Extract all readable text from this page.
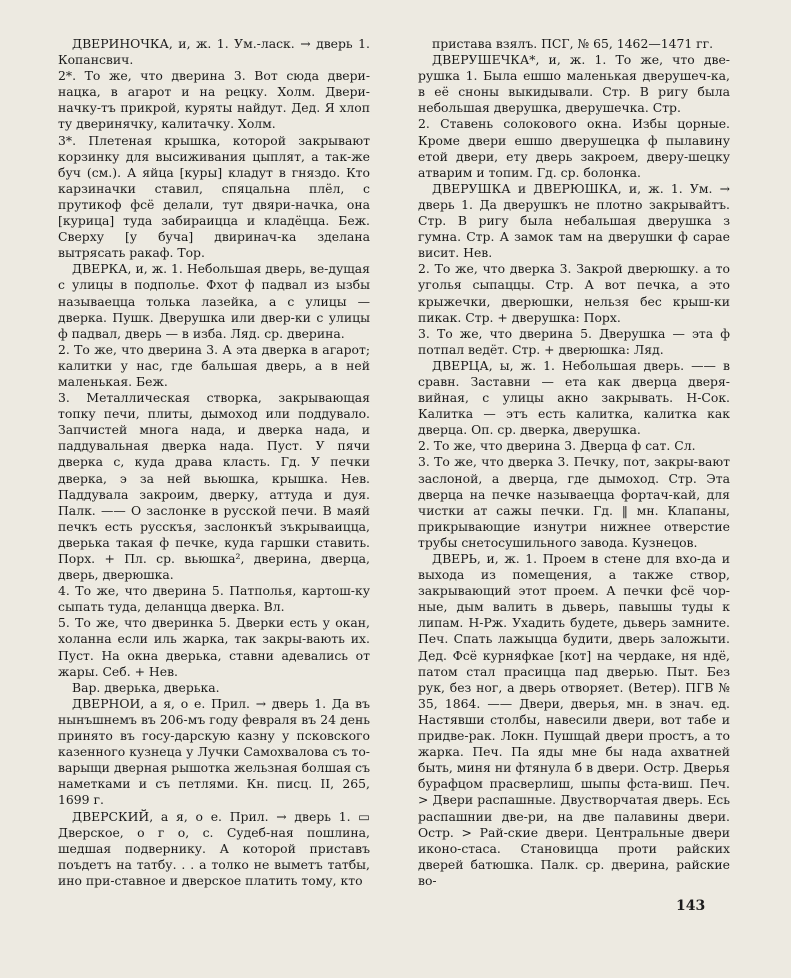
ДВЕРИНОЧКА, и, ж. 1. Ум.-ласк. → дверь 1. Копансвич.

2*. То же, что дверина 3. Вот сюда двери-нацка, в агарот и на рецку. Холм. Двери-начку-тъ прикрой, куряты найдут. Дед. Я хлоп ту дверинячку, калитачку. Холм.

3*. Плетеная крышка, которой закрывают корзинку для высиживания цыплят, а так-же буч (см.). А яйца [куры] кладут в гняздо. Кто карзиначки ставил, спяцальна плёл, с прутикоф фсё делали, тут двяри-начка, она [курица] туда забираицца и кладёцца. Беж. Сверху [у буча] двиринач-ка зделана вытрясать ракаф. Тор.

ДВЕРКА, и, ж. 1. Небольшая дверь, ве-дущая с улицы в подполье. Фхот ф падвал из ызбы называецца толька лазейка, а с улицы — дверка. Пушк. Дверушка или двер-ки с улицы ф падвал, дверь — в изба. Ляд. ср. дверина.

2. То же, что дверина 3. А эта дверка в агарот; калитки у нас, где бальшая дверь, а в ней маленькая. Беж.

3. Металлическая створка, закрывающая топку печи, плиты, дымоход или поддувало. Запчистей многа нада, и дверка нада, и паддувальная дверка нада. Пуст. У пячи дверка с, куда драва класть. Гд. У печки дверка, э за ней вьюшка, крышка. Нев. Паддувала закроим, дверку, аттуда и дуя. Палк. —— О заслонке в русской печи. В маяй печкъ есть русскъя, заслонкъй зъкрываицца, дверька такая ф печке, куда гаршки ставить. Порх. + Пл. ср. вьюшка², дверина, дверца, дверь, дверюшка.

4. То же, что дверина 5. Патполья, картош-ку сыпать туда, деланцца дверка. Вл.

5. То же, что дверинка 5. Дверки есть у окан, холанна если иль жарка, так закры-вають их. Пуст. На окна дверька, ставни адевались от жары. Себ. + Нев.

Вар. дверька, дверька.

ДВЕРНОИ, а я, о е. Прил. → дверь 1. Да въ нынъшнемъ въ 206-мъ году февраля въ 24 день принято въ госу-дарскую казну у псковского казенного кузнеца у Лучки Самохвалова съ то-варыщи дверная рышотка жельзная болшая съ наметками и съ петлями. Кн. писц. II, 265, 1699 г.

ДВЕРСКИЙ, а я, о е. Прил. → дверь 1. ▭ Дверское, о г о, с. Судеб-ная пошлина, шедшая подвернику. А которой приставъ поъдетъ на татбу. . . а толко не выметъ татбы, ино при-ставное и дверское платить тому, кто

пристава взялъ. ПСГ, № 65, 1462—1471 гг.

ДВЕРУШЕЧКА*, и, ж. 1. То же, что две-рушка 1. Была ешшо маленькая дверушеч-ка, в её сноны выкидывали. Стр. В ригу была небольшая дверушка, дверушечка. Стр.

2. Ставень солокового окна. Избы цорные. Кроме двери ешшо дверушецка ф пылавину етой двери, ету дверь закроем, дверу-шецку атварим и топим. Гд. ср. болонка.

ДВЕРУШКА и ДВЕРЮШКА, и, ж. 1. Ум. → дверь 1. Да дверушкъ не плотно закрывайтъ. Стр. В ригу была небальшая дверушка з гумна. Стр. А замок там на дверушки ф сарае висит. Нев.

2. То же, что дверка 3. Закрой дверюшку. а то уголья сыпаццы. Стр. А вот печка, а это крыжечки, дверюшки, нельзя бес крыш-ки пикак. Стр. + дверушка: Порх.

3. То же, что дверина 5. Дверушка — эта ф потпал ведёт. Стр. + дверюшка: Ляд.

ДВЕРЦА, ы, ж. 1. Небольшая дверь. —— в сравн. Заставни — ета как дверца дверя-вийная, с улицы акно закрывать. Н-Сок. Калитка — этъ есть калитка, калитка как дверца. Оп. ср. дверка, дверушка.

2. То же, что дверина 3. Дверца ф сат. Сл.

3. То же, что дверка 3. Печку, пот, закры-вают заслоной, а дверца, где дымоход. Стр. Эта дверца на печке называецца фортач-кай, для чистки ат сажы печки. Гд. ‖ мн. Клапаны, прикрывающие изнутри нижнее отверстие трубы снетосушильного завода. Кузнецов.

ДВЕРЬ, и, ж. 1. Проем в стене для вхо-да и выхода из помещения, а также створ, закрывающий этот проем. А печки фсё чор-ные, дым валить в дьверь, павышы туды к липам. Н-Рж. Ухадить будете, дьверь замните. Печ. Спать лажыцца будити, дверь заложыти. Дед. Фсё курняфкае [кот] на чердаке, ня ндё, патом стал прасицца пад дверью. Пыт. Без рук, без ног, а дверь отворяет. (Ветер). ПГВ № 35, 1864. —— Двери, дверья, мн. в знач. ед. Настявши столбы, навесили двери, вот табе и придве-рак. Локн. Пушщай двери простъ, а то жарка. Печ. Па яды мне бы нада ахватней быть, миня ни фтянула б в двери. Остр. Дверья бурафцом прасверлиш, шыпы фста-виш. Печ. > Двери распашные. Двустворчатая дверь. Есь распашнии две-ри, на две палавины двери. Остр. > Рай-ские двери. Центральные двери иконо-стаса. Становицца проти райских дверей батюшка. Палк. ср. дверина, райские во-

143
